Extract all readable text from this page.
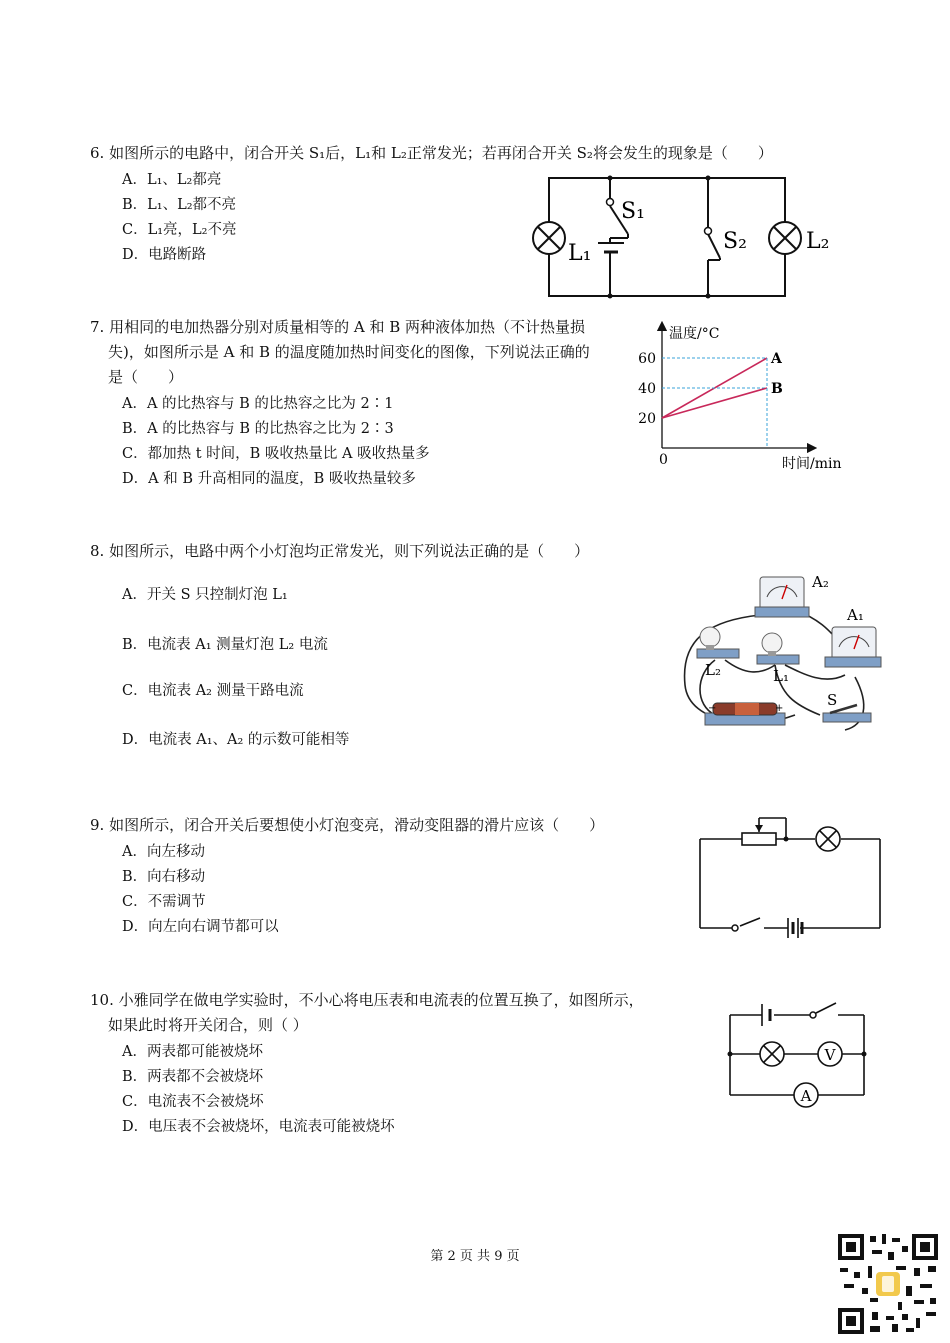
6. 如图所示的电路中，闭合开关 S₁后，L₁和 L₂正常发光；若再闭合开关 S₂将会发生的现象是（　　）
A．L₁、L₂都亮
B．L₁、L₂都不亮
C．L₁亮，L₂不亮
D．电路断路
S₁
S₂
L₁	L₂
7. 用相同的电加热器分别对质量相等的 A 和 B 两种液体加热（不计热量损
失)，如图所示是 A 和 B 的温度随加热时间变化的图像，下列说法正确的
是（　　）
A．A 的比热容与 B 的比热容之比为 2∶1
B．A 的比热容与 B 的比热容之比为 2∶3
C．都加热 t 时间，B 吸收热量比 A 吸收热量多
D．A 和 B 升高相同的温度，B 吸收热量较多
温度/°C
时间/min
0
20
40
60	A
B
8. 如图所示，电路中两个小灯泡均正常发光，则下列说法正确的是（　　）
A．开关 S 只控制灯泡 L₁
B．电流表 A₁ 测量灯泡 L₂ 电流
C．电流表 A₂ 测量干路电流
D．电流表 A₁、A₂ 的示数可能相等
A₂
A₁
L₂	L₁
−	+	S
9. 如图所示，闭合开关后要想使小灯泡变亮，滑动变阻器的滑片应该（　　）
A．向左移动
B．向右移动
C．不需调节
D．向左向右调节都可以
10. 小雅同学在做电学实验时，不小心将电压表和电流表的位置互换了，如图所示，
如果此时将开关闭合，则（ ）
A．两表都可能被烧坏
B．两表都不会被烧坏
C．电流表不会被烧坏
D．电压表不会被烧坏，电流表可能被烧坏
V
A
第 2 页 共 9 页
